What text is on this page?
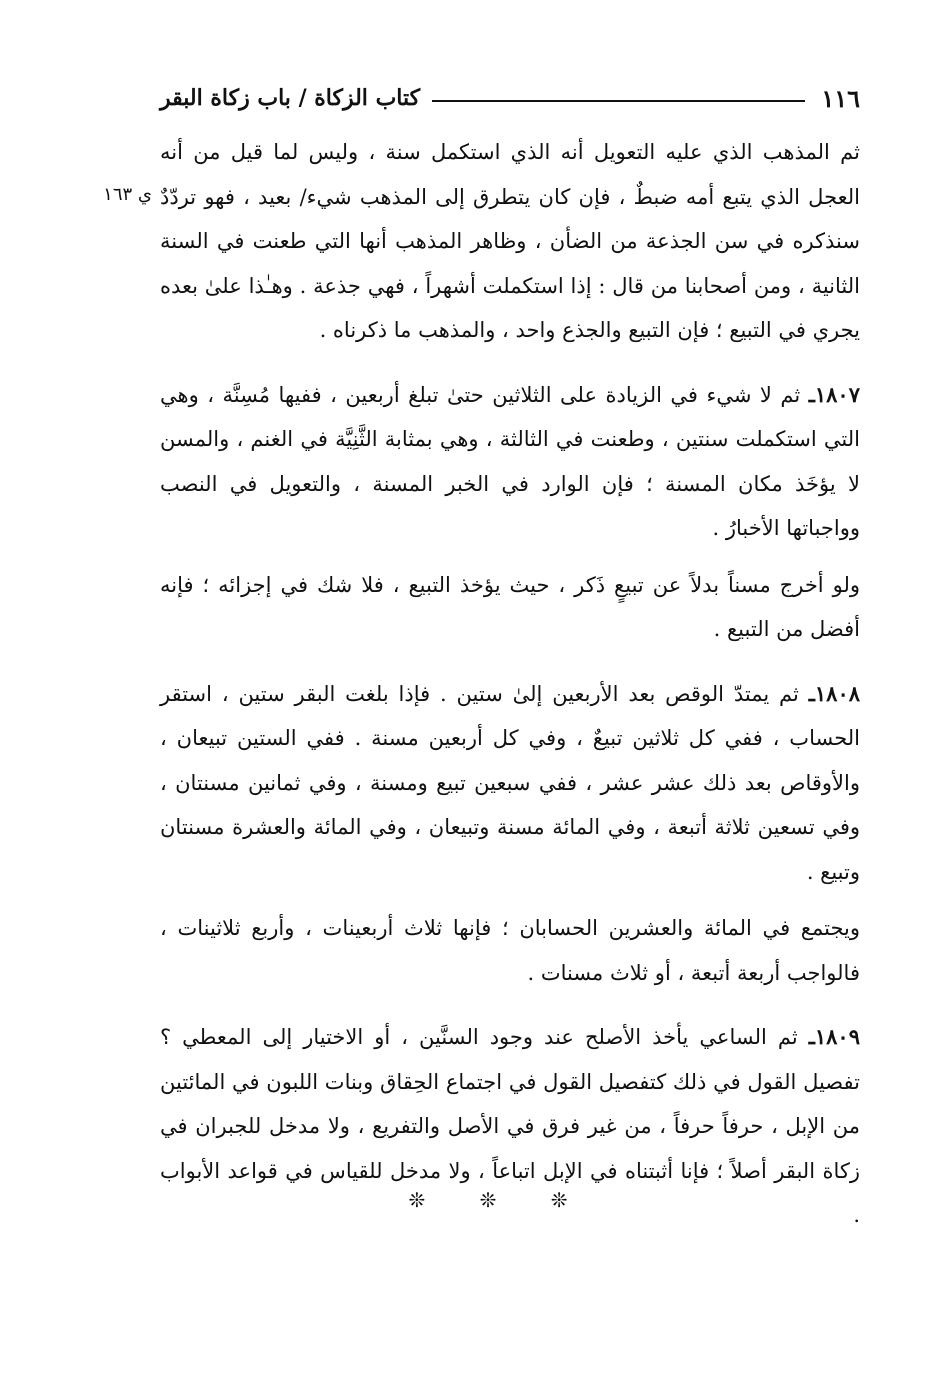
١١٦
كتاب الزكاة / باب زكاة البقر
ي ١٦٣

ثم المذهب الذي عليه التعويل أنه الذي استكمل سنة ، وليس لما قيل من أنه العجل الذي يتبع أمه ضبطٌ ، فإن كان يتطرق إلى المذهب شيء/ بعيد ، فهو تردّدٌ سنذكره في سن الجذعة من الضأن ، وظاهر المذهب أنها التي طعنت في السنة الثانية ، ومن أصحابنا من قال : إذا استكملت أشهراً ، فهي جذعة . وهـٰذا علىٰ بعده يجري في التبيع ؛ فإن التبيع والجذع واحد ، والمذهب ما ذكرناه .

١٨٠٧ـ ثم لا شيء في الزيادة على الثلاثين حتىٰ تبلغ أربعين ، ففيها مُسِنَّة ، وهي التي استكملت سنتين ، وطعنت في الثالثة ، وهي بمثابة الثَّنِيَّة في الغنم ، والمسن لا يؤخَذ مكان المسنة ؛ فإن الوارد في الخبر المسنة ، والتعويل في النصب وواجباتها الأخبارُ .

ولو أخرج مسناً بدلاً عن تبيعٍ ذَكر ، حيث يؤخذ التبيع ، فلا شك في إجزائه ؛ فإنه أفضل من التبيع .

١٨٠٨ـ ثم يمتدّ الوقص بعد الأربعين إلىٰ ستين . فإذا بلغت البقر ستين ، استقر الحساب ، ففي كل ثلاثين تبيعٌ ، وفي كل أربعين مسنة . ففي الستين تبيعان ، والأوقاص بعد ذلك عشر عشر ، ففي سبعين تبيع ومسنة ، وفي ثمانين مسنتان ، وفي تسعين ثلاثة أتبعة ، وفي المائة مسنة وتبيعان ، وفي المائة والعشرة مسنتان وتبيع .

ويجتمع في المائة والعشرين الحسابان ؛ فإنها ثلاث أربعينات ، وأربع ثلاثينات ، فالواجب أربعة أتبعة ، أو ثلاث مسنات .

١٨٠٩ـ ثم الساعي يأخذ الأصلح عند وجود السنَّين ، أو الاختيار إلى المعطي ؟ تفصيل القول في ذلك كتفصيل القول في اجتماع الحِقاق وبنات اللبون في المائتين من الإبل ، حرفاً حرفاً ، من غير فرق في الأصل والتفريع ، ولا مدخل للجبران في زكاة البقر أصلاً ؛ فإنا أثبتناه في الإبل اتباعاً ، ولا مدخل للقياس في قواعد الأبواب .

❊ ❊ ❊
